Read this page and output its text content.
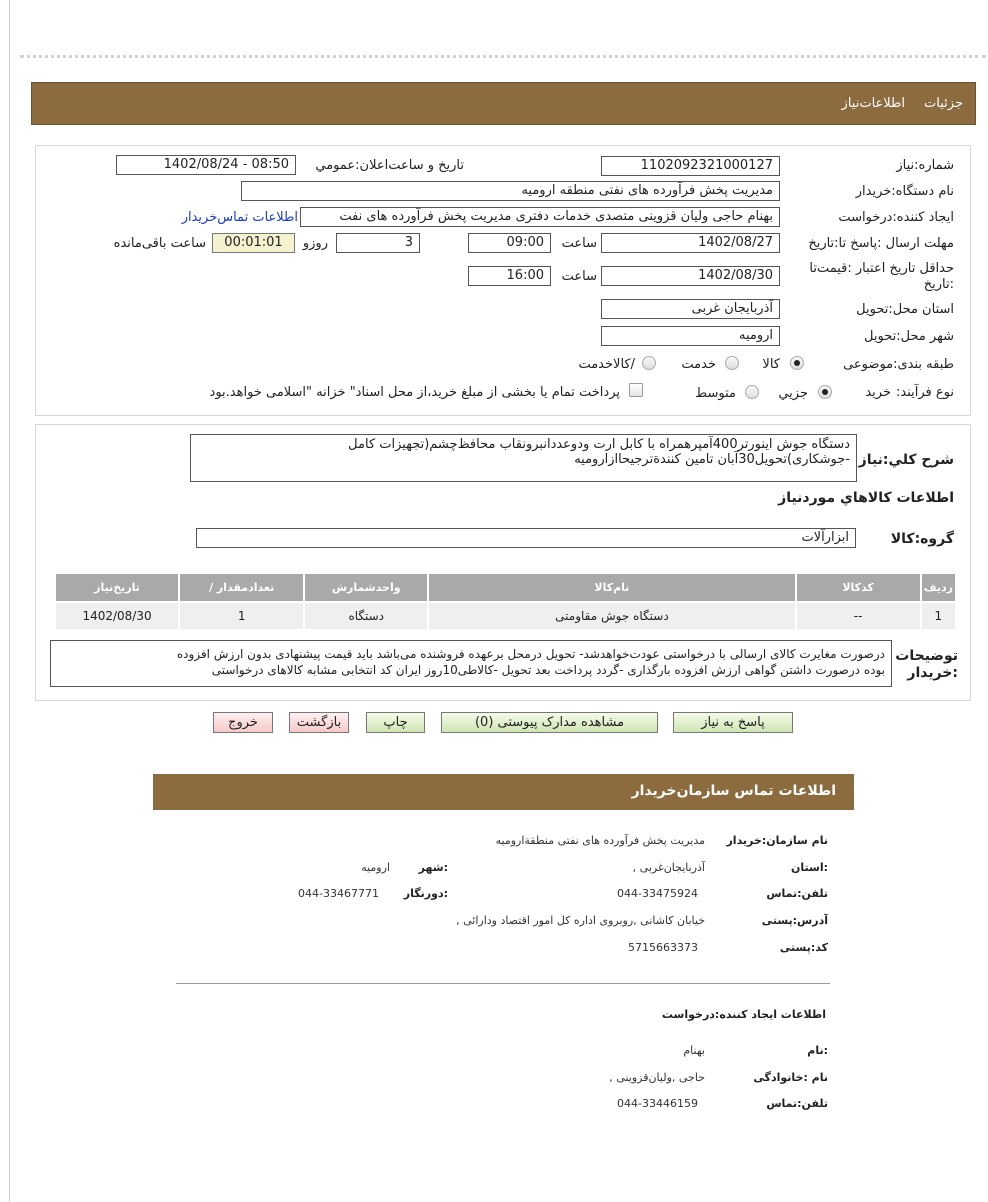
جزئیات
اطلاعات‌نیاز
شماره:نیاز
1102092321000127
تاریخ و ساعت‌اعلان:عمومي
1402/08/24 - 08:50
نام دستگاه:خریدار
مدیریت پخش فرآورده های نفتی منطقه ارومیه
ایجاد کننده:درخواست
بهنام حاجی ولیان قزوینی متصدی خدمات دفتری مدیریت پخش فرآورده های نفت
اطلاعات تماس‌خریدار
مهلت ارسال :پاسخ تا:تاریخ
1402/08/27
ساعت
09:00
3
روزو
00:01:01
ساعت باقی‌مانده
حداقل تاریخ اعتبار :قیمت‌تا
:تاریخ
1402/08/30
ساعت
16:00
استان محل:تحویل
آذربایجان غربی
شهر محل:تحویل
ارومیه
طبقه بندی:موضوعی
کالا
خدمت
/کالاخدمت
نوع فرآیند:
خرید
جزيي
متوسط
پرداخت تمام یا بخشی از مبلغ خرید،از محل اسناد" خزانه "اسلامی خواهد.بود
شرح کلي:نیاز
دستگاه جوش اینورتر400آمپرهمراه با کابل ارت ودوعددانبرونقاب محافظ‌چشم(تجهیزات کامل
-جوشکاری)تحویل30آبان تامین کنندةترجیحاازارومیه
اطلاعات کالاهاي مورد‌نیاز
گروه:کالا
ابزارآلات
تاریخ‌نیاز	/ تعدادمقدار	واحدشمارش	نام‌کالا	کدکالا	ردیف
1402/08/30	1	دستگاه	دستگاه جوش مقاومتی	--	1
توضیحات
:خریدار
درصورت مغایرت کالای ارسالی با درخواستی عودت‌خواهدشد- تحویل درمحل برعهده فروشنده می‌باشد باید قیمت پیشنهادی بدون ارزش افزوده
بوده درصورت داشتن گواهی ارزش افزوده بارگذاری -گردد پرداخت بعد تحویل -کالاطی10روز ایران کد انتخابی مشابه کالاهای درخواستی
پاسخ به نیاز
مشاهده مدارک پیوستی (0)
چاپ
بازگشت
خروج
اطلاعات تماس سازمان‌خریدار
نام سازمان:خریدار
مدیریت پخش فرآورده های نفتی منطقةارومیه
:استان
آذربایجان‌غربی ,
:شهر
ارومیه
تلفن:تماس
044-33475924
:دورنگار
044-33467771
آدرس:پستی
خیابان کاشانی ,روبروی اداره کل امور اقتصاد ودارائی ,
کد:پستی
5715663373
اطلاعات ایجاد کننده:درخواست
:نام
بهنام
نام :خانوادگی
حاجی ,ولیان‌قزوینی ,
تلفن:تماس
044-33446159
